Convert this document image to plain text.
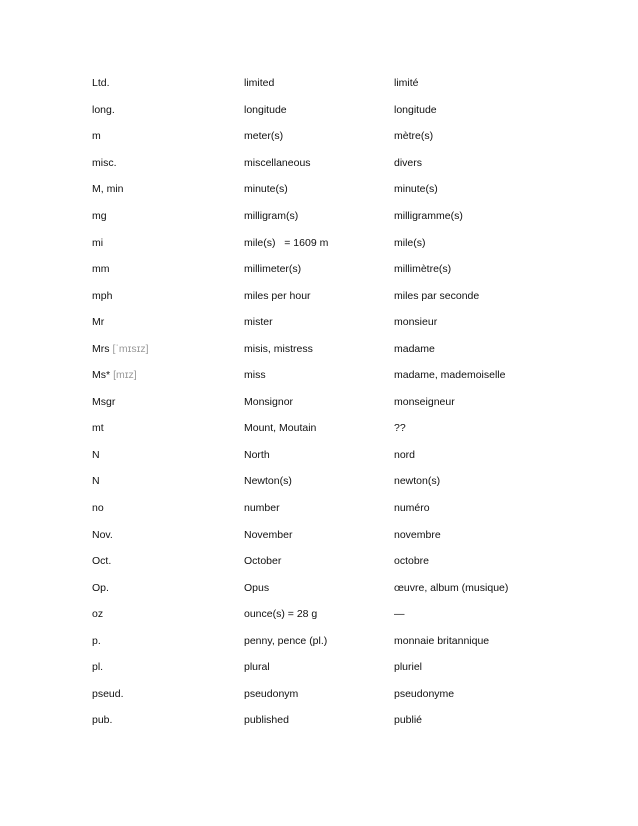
Ltd.	limited	limité
long.	longitude	longitude
m	meter(s)	mètre(s)
misc.	miscellaneous	divers
M, min	minute(s)	minute(s)
mg	milligram(s)	milligramme(s)
mi	mile(s)   = 1609 m	mile(s)
mm	millimeter(s)	millimètre(s)
mph	miles per hour	miles par seconde
Mr	mister	monsieur
Mrs [ˈmɪsɪz]	misis, mistress	madame
Ms* [mɪz]	miss	madame, mademoiselle
Msgr	Monsignor	monseigneur
mt	Mount, Moutain	??
N	North	nord
N	Newton(s)	newton(s)
no	number	numéro
Nov.	November	novembre
Oct.	October	octobre
Op.	Opus	œuvre, album (musique)
oz	ounce(s) = 28 g	—
p.	penny, pence (pl.)	monnaie britannique
pl.	plural	pluriel
pseud.	pseudonym	pseudonyme
pub.	published	publié
